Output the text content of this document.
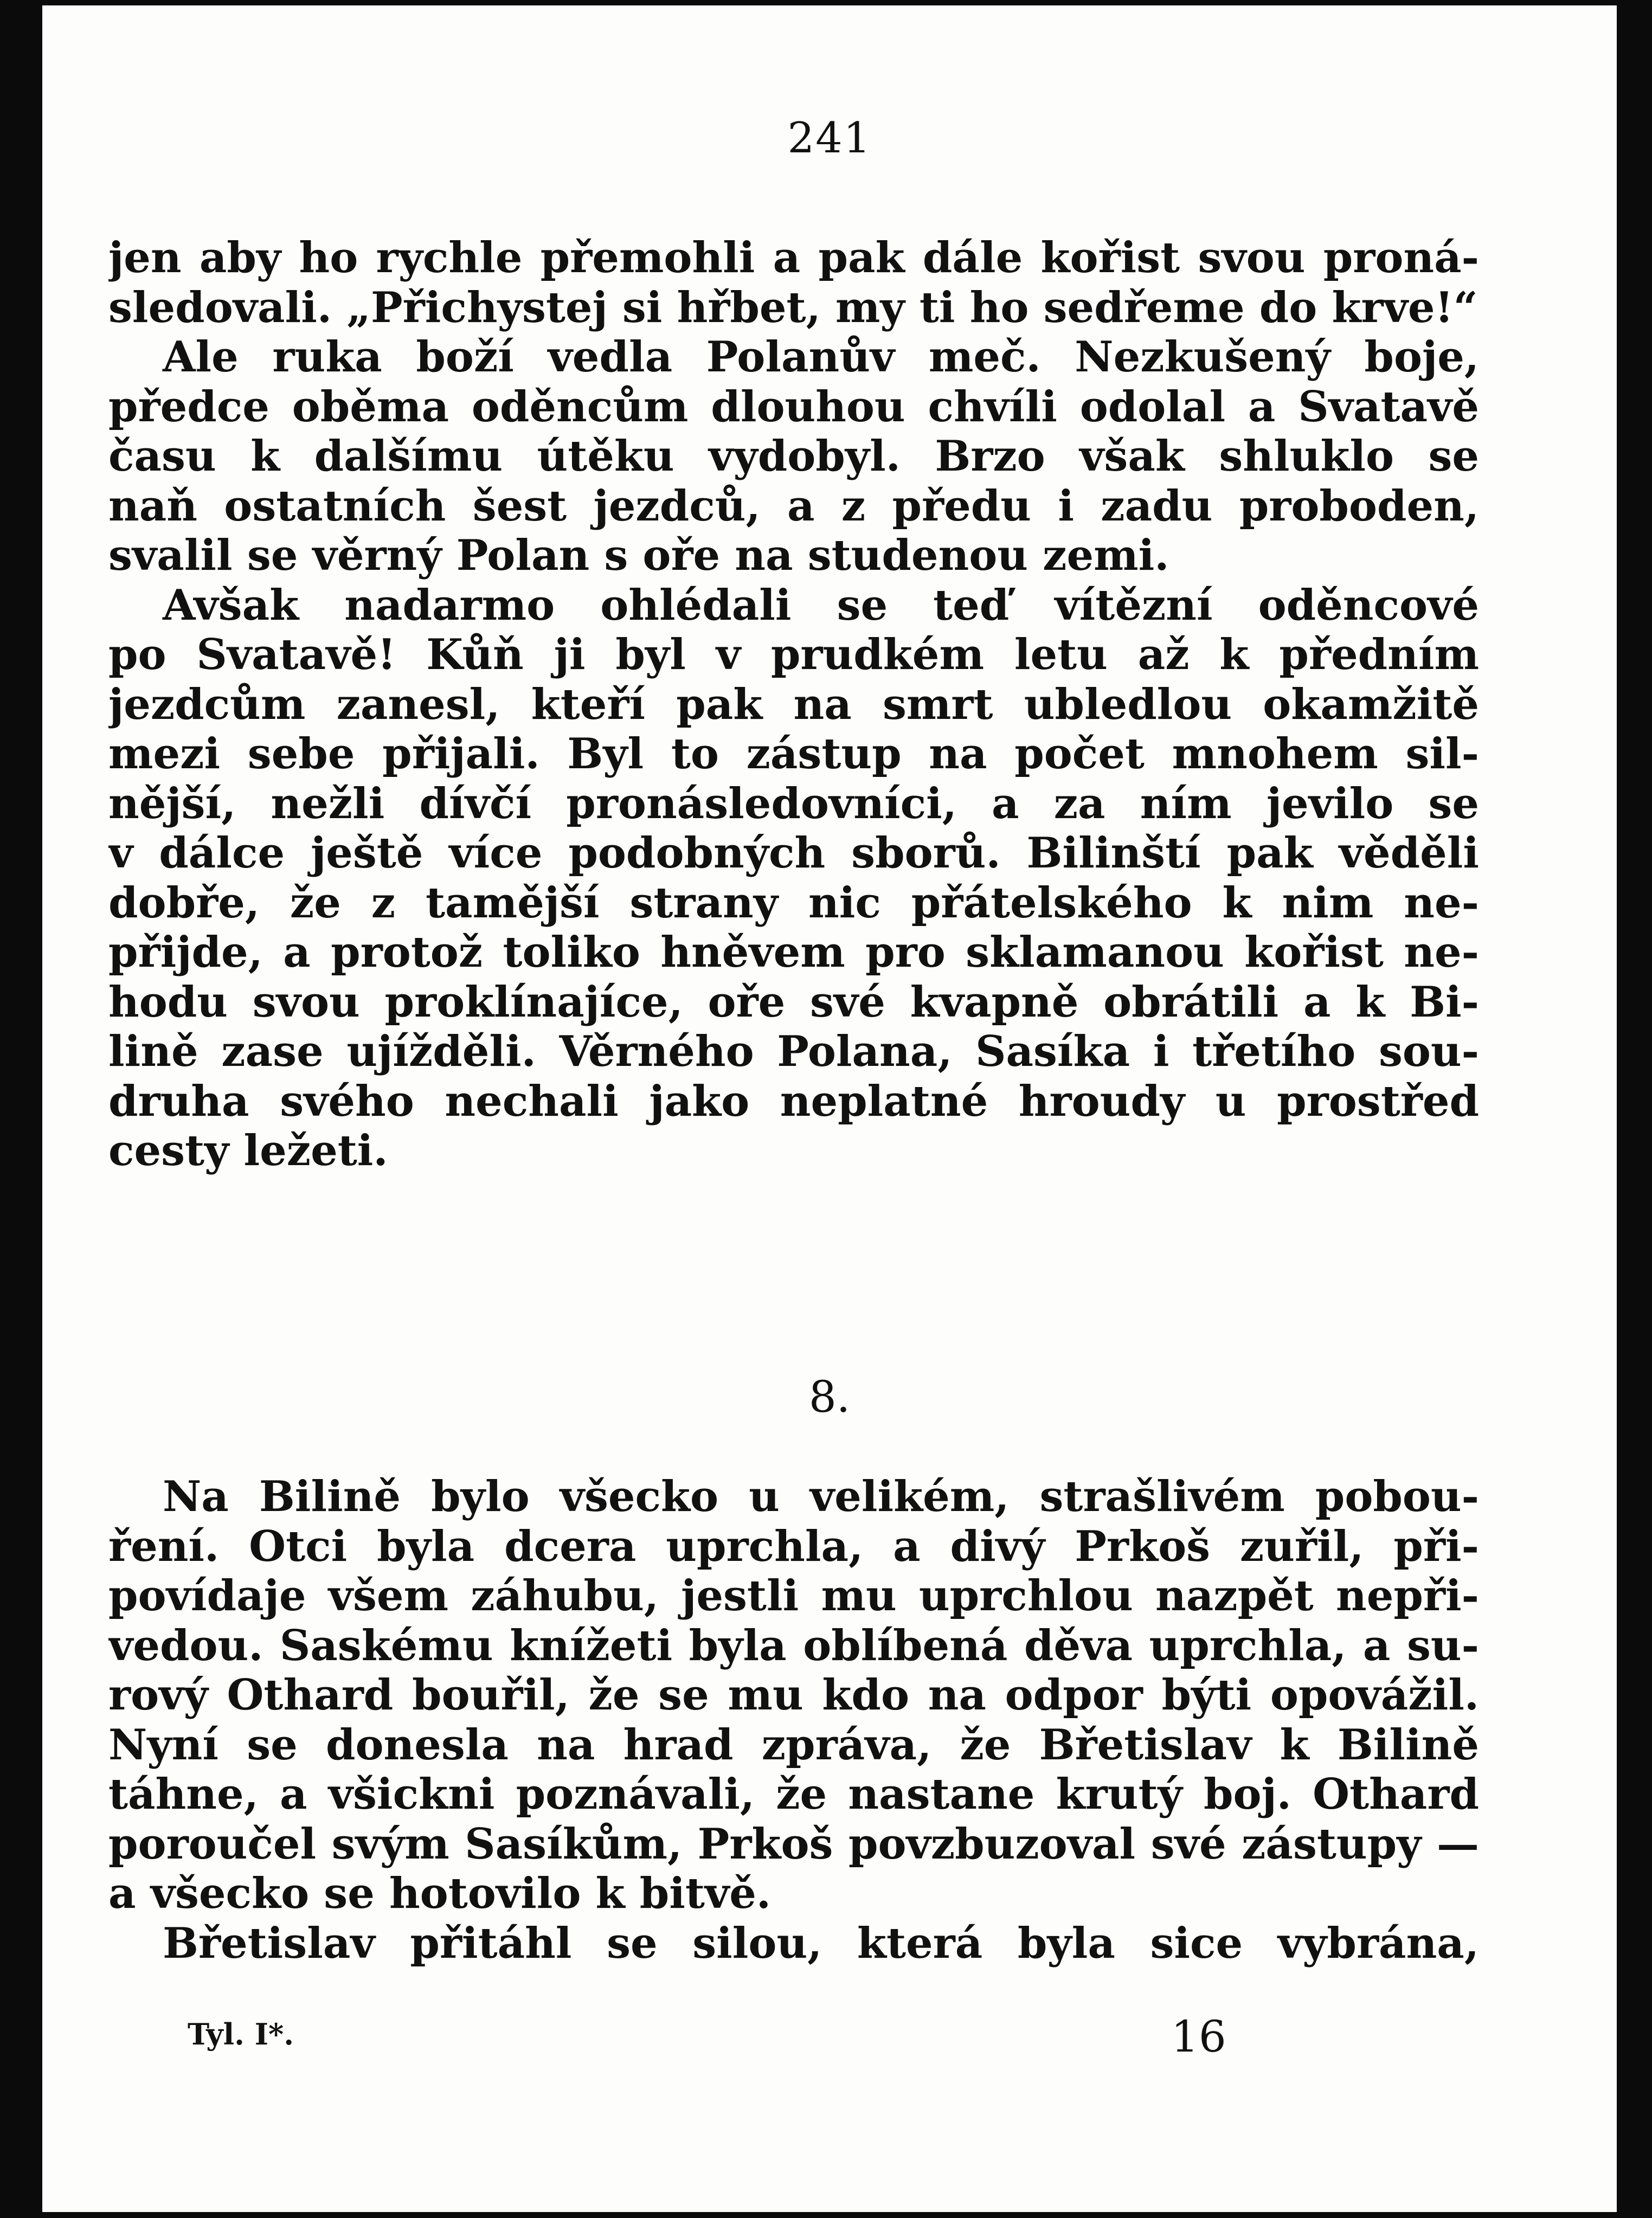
241
jen aby ho rychle přemohli a pak dále kořist svou proná-
sledovali. „Přichystej si hřbet, my ti ho sedřeme do krve!“
Ale ruka boží vedla Polanův meč. Nezkušený boje,
předce oběma oděncům dlouhou chvíli odolal a Svatavě
času k dalšímu útěku vydobyl. Brzo však shluklo se
naň ostatních šest jezdců, a z předu i zadu proboden,
svalil se věrný Polan s oře na studenou zemi.
Avšak nadarmo ohlédali se teď vítězní oděncové
po Svatavě! Kůň ji byl v prudkém letu až k předním
jezdcům zanesl, kteří pak na smrt ubledlou okamžitě
mezi sebe přijali. Byl to zástup na počet mnohem sil-
nější, nežli dívčí pronásledovníci, a za ním jevilo se
v dálce ještě více podobných sborů. Bilinští pak věděli
dobře, že z tamější strany nic přátelského k nim ne-
přijde, a protož toliko hněvem pro sklamanou kořist ne-
hodu svou proklínajíce, oře své kvapně obrátili a k Bi-
lině zase ujížděli. Věrného Polana, Sasíka i třetího sou-
druha svého nechali jako neplatné hroudy u prostřed
cesty ležeti.
8.
Na Bilině bylo všecko u velikém, strašlivém pobou-
ření. Otci byla dcera uprchla, a divý Prkoš zuřil, při-
povídaje všem záhubu, jestli mu uprchlou nazpět nepři-
vedou. Saskému knížeti byla oblíbená děva uprchla, a su-
rový Othard bouřil, že se mu kdo na odpor býti opovážil.
Nyní se donesla na hrad zpráva, že Břetislav k Bilině
táhne, a všickni poznávali, že nastane krutý boj. Othard
poroučel svým Sasíkům, Prkoš povzbuzoval své zástupy —
a všecko se hotovilo k bitvě.
Břetislav přitáhl se silou, která byla sice vybrána,
Tyl. I*.	16
